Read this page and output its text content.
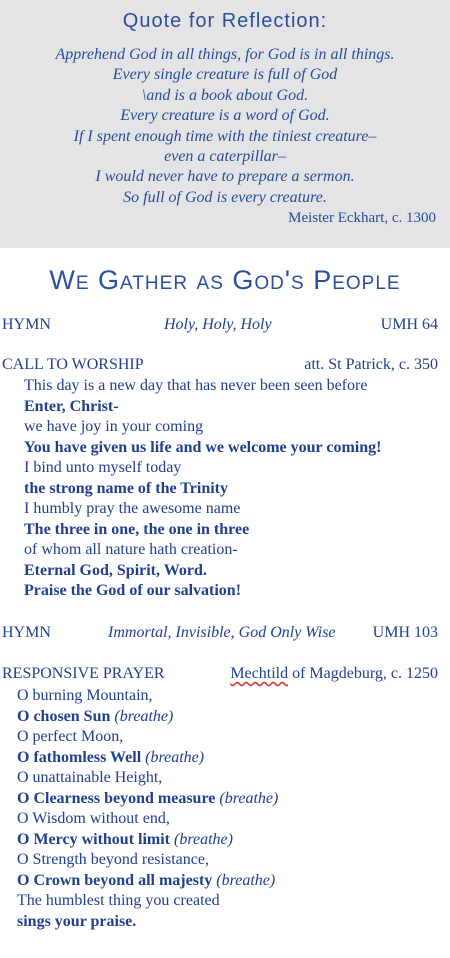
Quote for Reflection:
Apprehend God in all things, for God is in all things.
Every single creature is full of God
\and is a book about God.
Every creature is a word of God.
If I spent enough time with the tiniest creature–
even a caterpillar–
I would never have to prepare a sermon.
So full of God is every creature.
Meister Eckhart, c. 1300
We Gather as God's People
HYMN	Holy, Holy, Holy	UMH 64
CALL TO WORSHIP	att. St Patrick, c. 350
This day is a new day that has never been seen before
Enter, Christ-
we have joy in your coming
You have given us life and we welcome your coming!
I bind unto myself today
the strong name of the Trinity
I humbly pray the awesome name
The three in one, the one in three
of whom all nature hath creation-
Eternal God, Spirit, Word.
Praise the God of our salvation!
HYMN	Immortal, Invisible, God Only Wise UMH 103
RESPONSIVE PRAYER	Mechtild of Magdeburg, c. 1250
O burning Mountain,
O chosen Sun (breathe)
O perfect Moon,
O fathomless Well (breathe)
O unattainable Height,
O Clearness beyond measure (breathe)
O Wisdom without end,
O Mercy without limit (breathe)
O Strength beyond resistance,
O Crown beyond all majesty (breathe)
The humblest thing you created
sings your praise.
